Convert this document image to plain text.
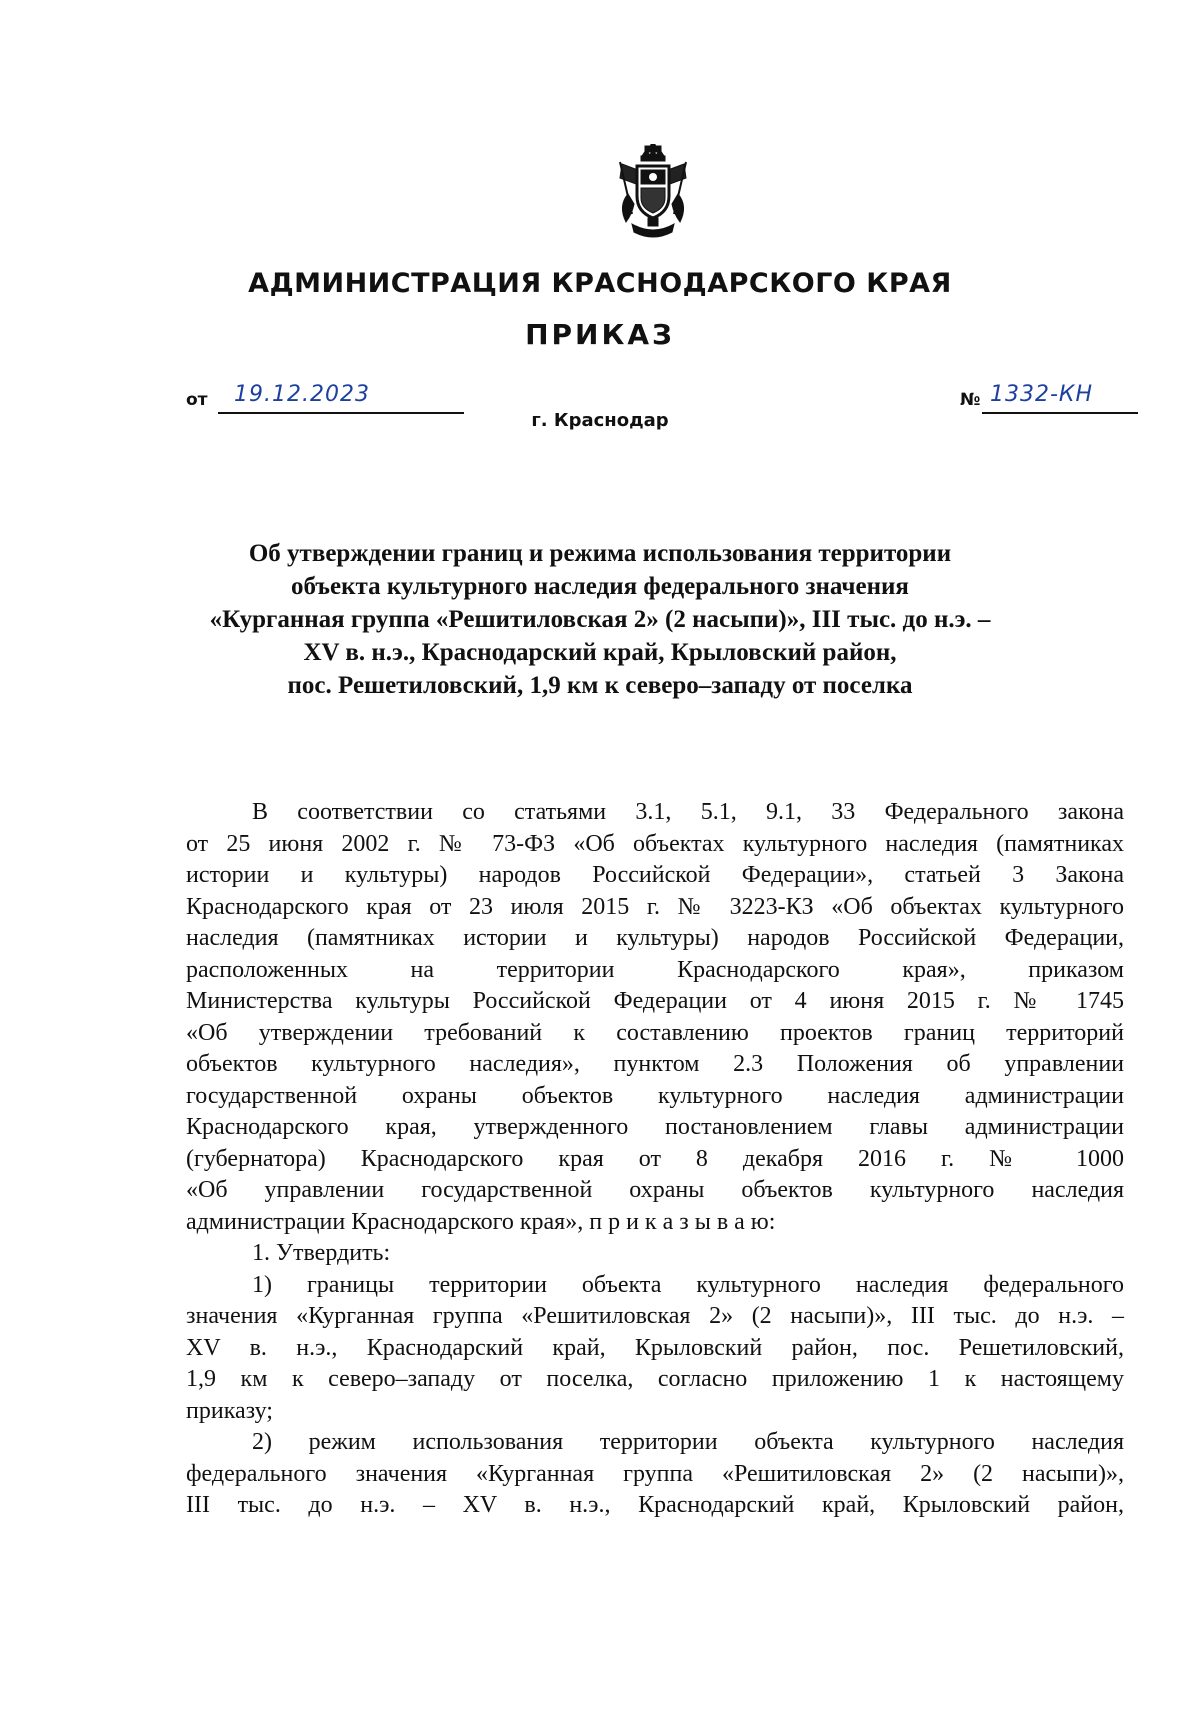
АДМИНИСТРАЦИЯ КРАСНОДАРСКОГО КРАЯ
ПРИКАЗ
от 19.12.2023	№ 1332-КН
г. Краснодар
Об утверждении границ и режима использования территории
объекта культурного наследия федерального значения
«Курганная группа «Решитиловская 2» (2 насыпи)», III тыс. до н.э. –
XV в. н.э., Краснодарский край, Крыловский район,
пос. Решетиловский, 1,9 км к северо–западу от поселка
В соответствии со статьями 3.1, 5.1, 9.1, 33 Федерального закона
от 25 июня 2002 г. № 73-ФЗ «Об объектах культурного наследия (памятниках
истории и культуры) народов Российской Федерации», статьей 3 Закона
Краснодарского края от 23 июля 2015 г. № 3223-КЗ «Об объектах культурного
наследия (памятниках истории и культуры) народов Российской Федерации,
расположенных на территории Краснодарского края», приказом
Министерства культуры Российской Федерации от 4 июня 2015 г. № 1745
«Об утверждении требований к составлению проектов границ территорий
объектов культурного наследия», пунктом 2.3 Положения об управлении
государственной охраны объектов культурного наследия администрации
Краснодарского края, утвержденного постановлением главы администрации
(губернатора) Краснодарского края от 8 декабря 2016 г. № 1000
«Об управлении государственной охраны объектов культурного наследия
администрации Краснодарского края», п р и к а з ы в а ю:
1. Утвердить:
1) границы территории объекта культурного наследия федерального
значения «Курганная группа «Решитиловская 2» (2 насыпи)», III тыс. до н.э. –
XV в. н.э., Краснодарский край, Крыловский район, пос. Решетиловский,
1,9 км к северо–западу от поселка, согласно приложению 1 к настоящему
приказу;
2) режим использования территории объекта культурного наследия
федерального значения «Курганная группа «Решитиловская 2» (2 насыпи)»,
III тыс. до н.э. – XV в. н.э., Краснодарский край, Крыловский район,
